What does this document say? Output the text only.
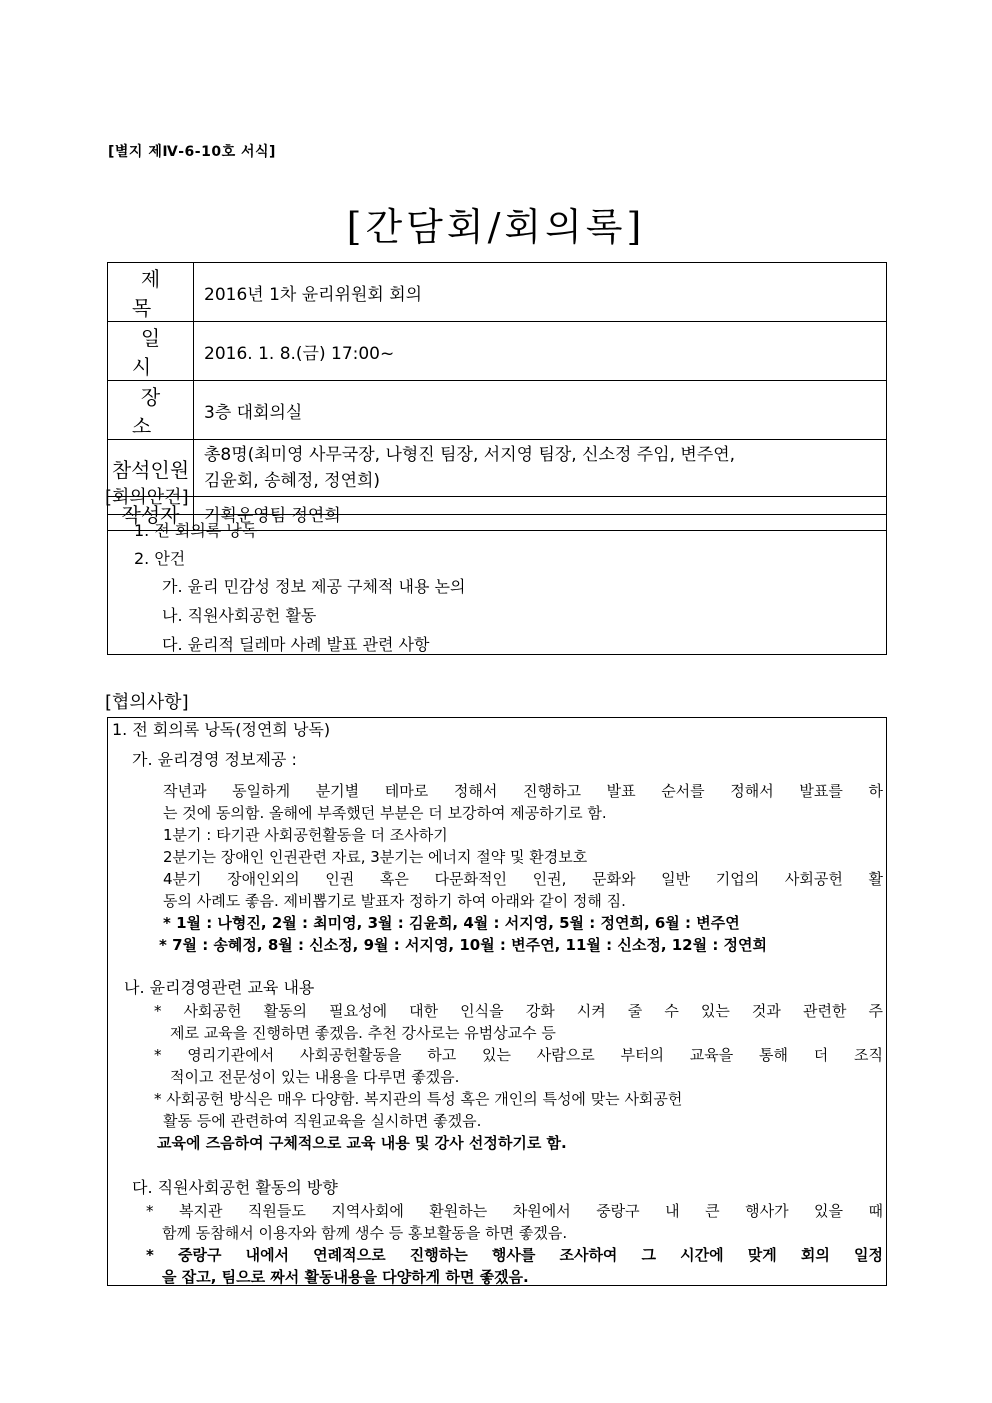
[별지 제Ⅳ-6-10호 서식]
[간담회/회의록]
제 목	2016년 1차 윤리위원회 회의
일 시	2016. 1. 8.(금) 17:00~
장 소	3층 대회의실
참석인원	총8명(최미영 사무국장, 나형진 팀장, 서지영 팀장, 신소정 주임, 변주연,
김윤회, 송혜정, 정연희)

작성자	기획운영팀 정연희
[회의안건]
1. 전 회의록 낭독
2. 안건
가. 윤리 민감성 정보 제공 구체적 내용 논의
나. 직원사회공헌 활동
다. 윤리적 딜레마 사례 발표 관련 사항
[협의사항]
1. 전 회의록 낭독(정연희 낭독)
가. 윤리경영 정보제공 :
작년과 동일하게 분기별 테마로 정해서 진행하고 발표 순서를 정해서 발표를 하
는 것에 동의함. 올해에 부족했던 부분은 더 보강하여 제공하기로 함.
1분기 : 타기관 사회공헌활동을 더 조사하기
2분기는 장애인 인권관련 자료, 3분기는 에너지 절약 및 환경보호
4분기 장애인외의 인권 혹은 다문화적인 인권, 문화와 일반 기업의 사회공헌 활
동의 사례도 좋음. 제비뽑기로 발표자 정하기 하여 아래와 같이 정해 짐.
* 1월 : 나형진, 2월 : 최미영, 3월 : 김윤희, 4월 : 서지영, 5월 : 정연희, 6월 : 변주연
* 7월 : 송혜정, 8월 : 신소정, 9월 : 서지영, 10월 : 변주연, 11월 : 신소정, 12월 : 정연희
나. 윤리경영관련 교육 내용
* 사회공헌 활동의 필요성에 대한 인식을 강화 시켜 줄 수 있는 것과 관련한 주
제로 교육을 진행하면 좋겠음. 추천 강사로는 유범상교수 등
* 영리기관에서 사회공헌활동을 하고 있는 사람으로 부터의 교육을 통해 더 조직
적이고 전문성이 있는 내용을 다루면 좋겠음.
* 사회공헌 방식은 매우 다양함. 복지관의 특성 혹은 개인의 특성에 맞는 사회공헌
활동 등에 관련하여 직원교육을 실시하면 좋겠음.
교육에 즈음하여 구체적으로 교육 내용 및 강사 선정하기로 함.
다. 직원사회공헌 활동의 방향
* 복지관 직원들도 지역사회에 환원하는 차원에서 중랑구 내 큰 행사가 있을 때
함께 동참해서 이용자와 함께 생수 등 홍보활동을 하면 좋겠음.
* 중랑구 내에서 연례적으로 진행하는 행사를 조사하여 그 시간에 맞게 회의 일정
을 잡고, 팀으로 짜서 활동내용을 다양하게 하면 좋겠음.
